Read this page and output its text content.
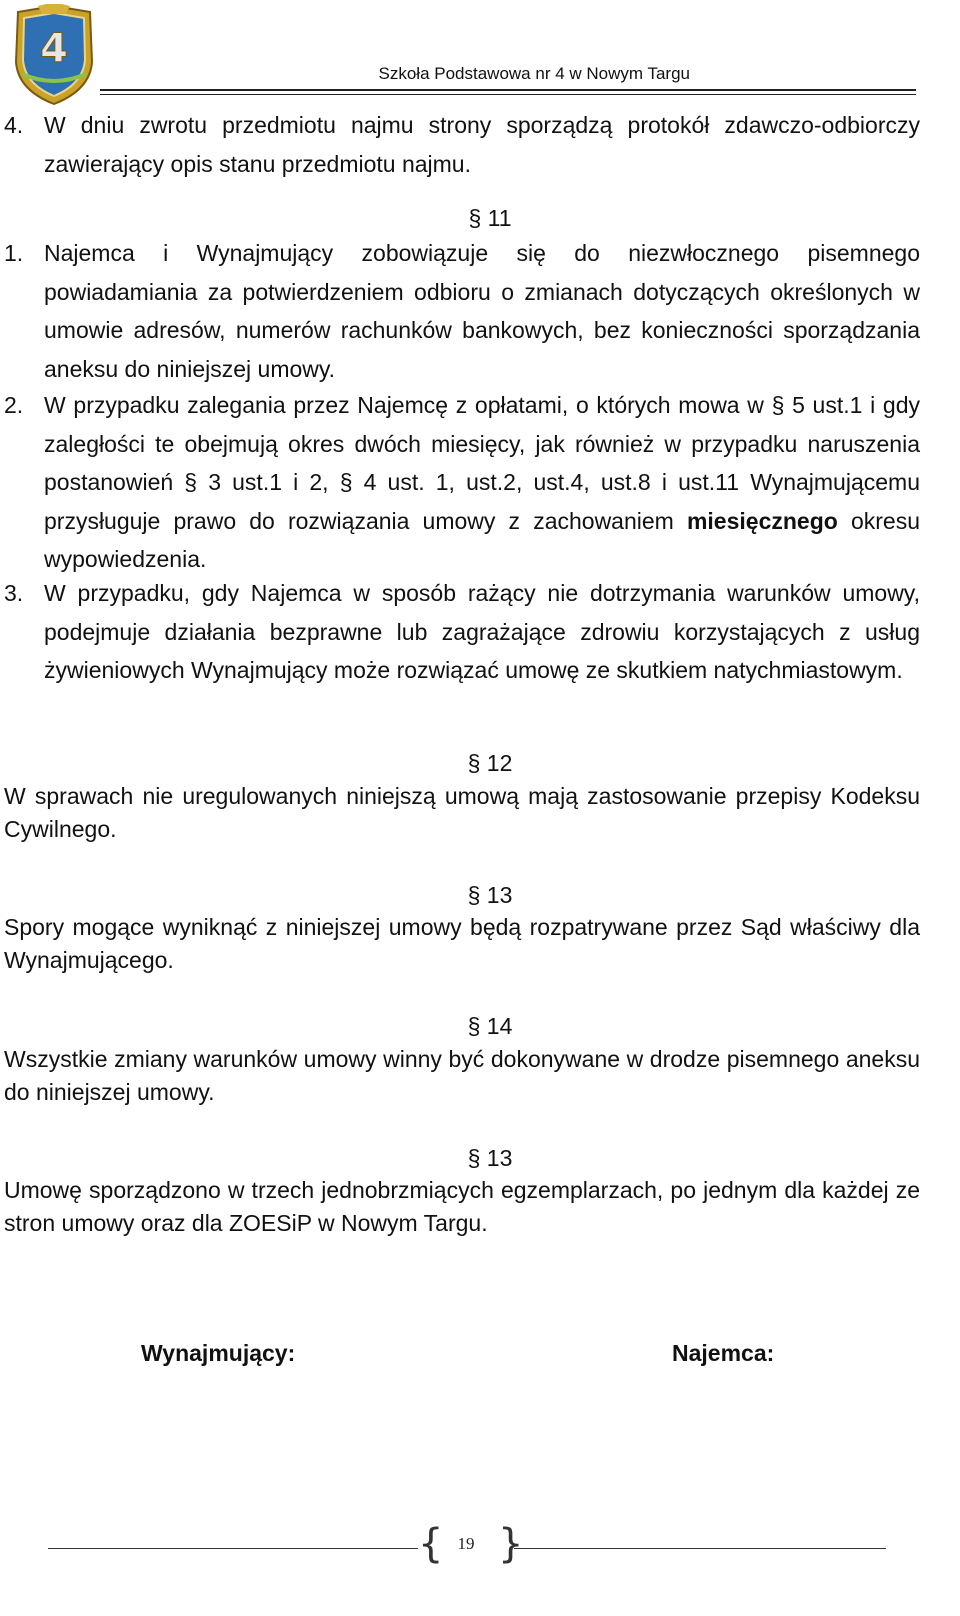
4
Szkoła Podstawowa nr 4 w Nowym Targu
4. W dniu zwrotu przedmiotu najmu strony sporządzą protokół zdawczo-odbiorczy zawierający opis stanu przedmiotu najmu.
§ 11
1. Najemca i Wynajmujący zobowiązuje się do niezwłocznego pisemnego powiadamiania za potwierdzeniem odbioru o zmianach dotyczących określonych w umowie adresów, numerów rachunków bankowych, bez konieczności sporządzania aneksu do niniejszej umowy.
2. W przypadku zalegania przez Najemcę z opłatami, o których mowa w § 5 ust.1 i gdy zaległości te obejmują okres dwóch miesięcy, jak również w przypadku naruszenia postanowień § 3 ust.1 i 2, § 4 ust. 1, ust.2, ust.4, ust.8 i ust.11 Wynajmującemu przysługuje prawo do rozwiązania umowy z zachowaniem miesięcznego okresu wypowiedzenia.
3. W przypadku, gdy Najemca w sposób rażący nie dotrzymania warunków umowy, podejmuje działania bezprawne lub zagrażające zdrowiu korzystających z usług żywieniowych Wynajmujący może rozwiązać umowę ze skutkiem natychmiastowym.
§ 12
W sprawach nie uregulowanych niniejszą umową mają zastosowanie przepisy Kodeksu Cywilnego.
§ 13
Spory mogące wyniknąć z niniejszej umowy będą rozpatrywane przez Sąd właściwy dla Wynajmującego.
§ 14
Wszystkie zmiany warunków umowy winny być dokonywane w drodze pisemnego aneksu do niniejszej umowy.
§ 13
Umowę sporządzono w trzech jednobrzmiących egzemplarzach, po jednym dla każdej ze stron umowy oraz dla ZOESiP w Nowym Targu.
Wynajmujący:	Najemca:
{ }
19
